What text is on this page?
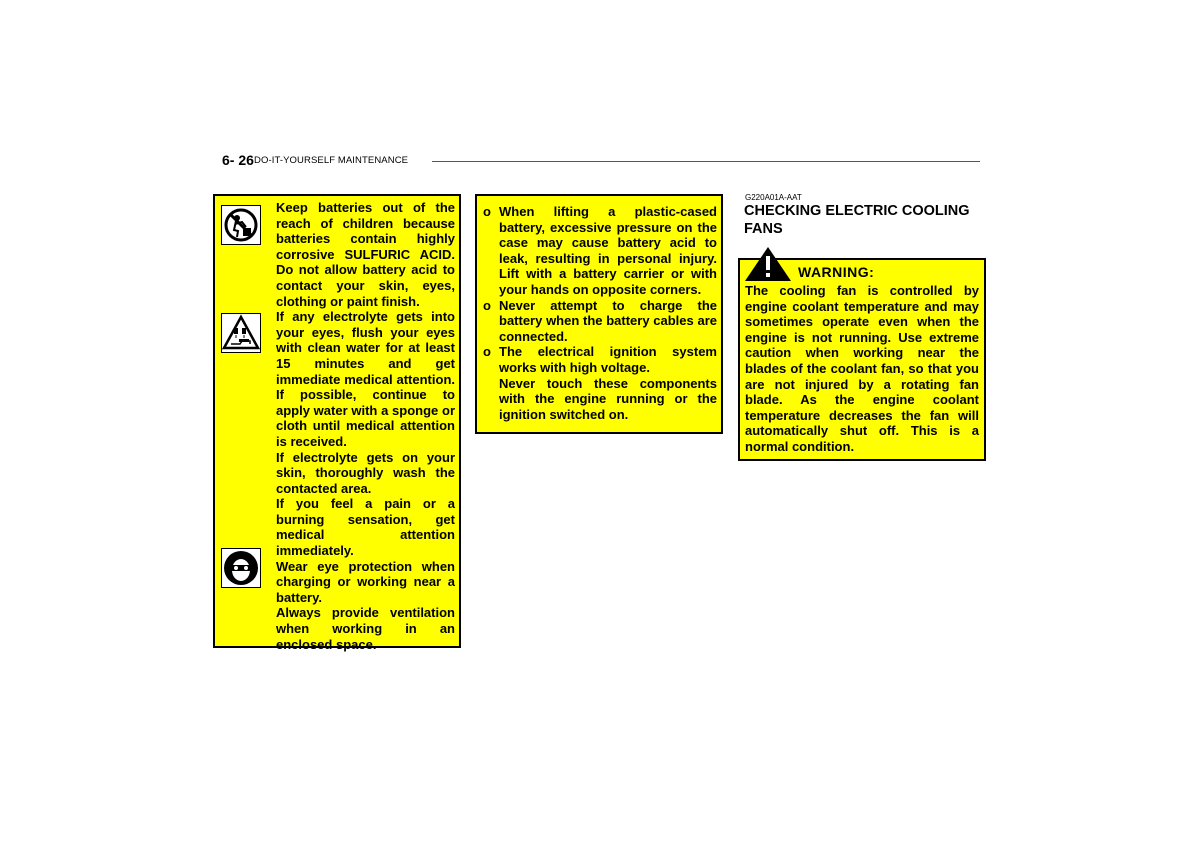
6- 26 DO-IT-YOURSELF MAINTENANCE

Keep batteries out of the reach of children because batteries contain highly corrosive SULFURIC ACID. Do not allow battery acid to contact your skin, eyes, clothing or paint finish.

If any electrolyte gets into your eyes, flush your eyes with clean water for at least 15 minutes and get immediate medical attention. If possible, continue to apply water with a sponge or cloth until medical attention is received.

If electrolyte gets on your skin, thoroughly wash the contacted area.

If you feel a pain or a burning sensation, get medical attention immediately.

Wear eye protection when charging or working near a battery.

Always provide ventilation when working in an enclosed space.

o When lifting a plastic-cased battery, excessive pressure on the case may cause battery acid to leak, resulting in personal injury. Lift with a battery carrier or with your hands on opposite corners.
o Never attempt to charge the battery when the battery cables are connected.
o The electrical ignition system works with high voltage.
Never touch these components with the engine running or the ignition switched on.
G220A01A-AAT
CHECKING ELECTRIC COOLING FANS
WARNING:

The cooling fan is controlled by engine coolant temperature and may sometimes operate even when the engine is not running. Use extreme caution when working near the blades of the coolant fan, so that you are not injured by a rotating fan blade. As the engine coolant temperature decreases the fan will automatically shut off. This is a normal condition.
